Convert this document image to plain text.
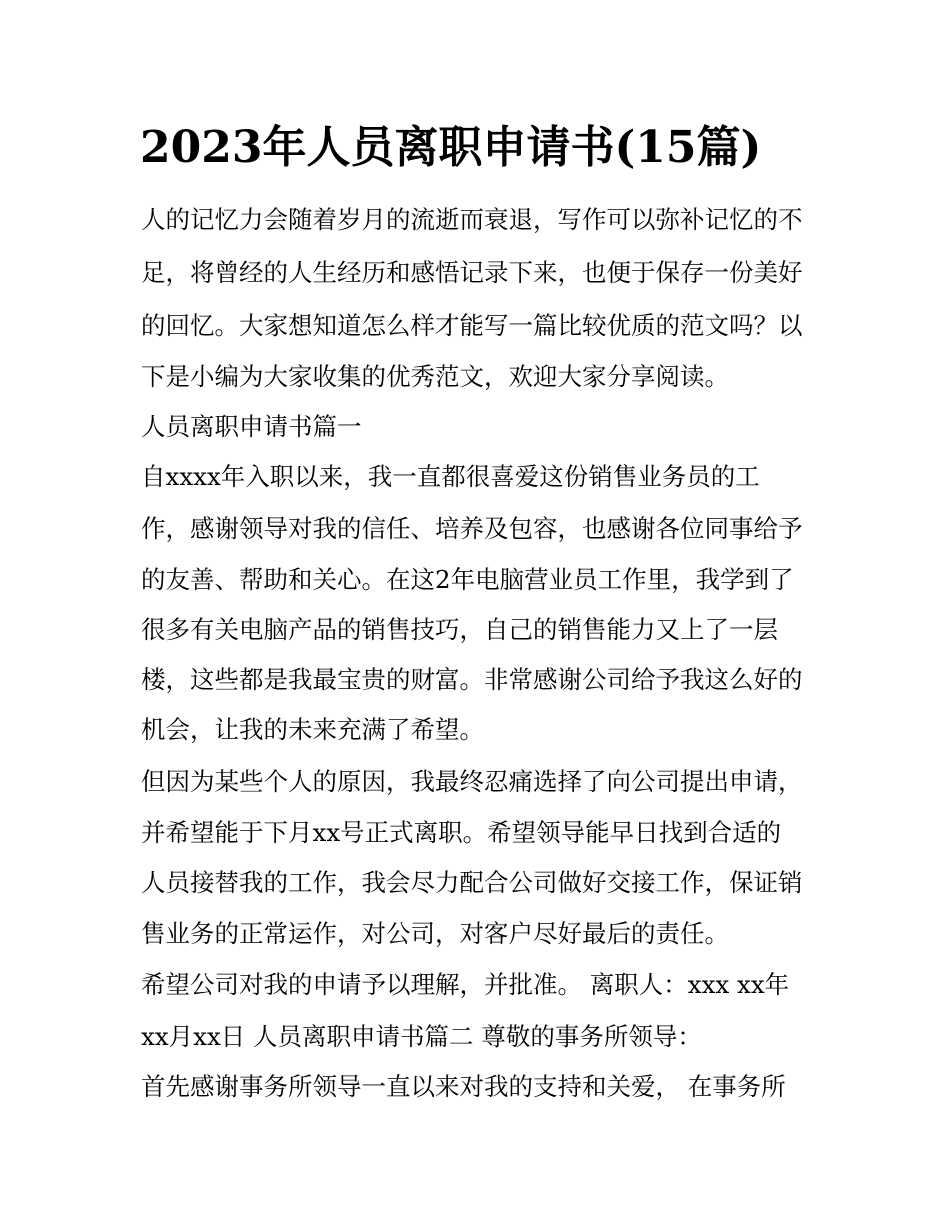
2023年人员离职申请书(15篇)

人的记忆力会随着岁月的流逝而衰退，写作可以弥补记忆的不

足，将曾经的人生经历和感悟记录下来，也便于保存一份美好

的回忆。大家想知道怎么样才能写一篇比较优质的范文吗？以

下是小编为大家收集的优秀范文，欢迎大家分享阅读。

人员离职申请书篇一

自xxxx年入职以来，我一直都很喜爱这份销售业务员的工

作，感谢领导对我的信任、培养及包容，也感谢各位同事给予

的友善、帮助和关心。在这2年电脑营业员工作里，我学到了

很多有关电脑产品的销售技巧，自己的销售能力又上了一层

楼，这些都是我最宝贵的财富。非常感谢公司给予我这么好的

机会，让我的未来充满了希望。

但因为某些个人的原因，我最终忍痛选择了向公司提出申请，

并希望能于下月xx号正式离职。希望领导能早日找到合适的

人员接替我的工作，我会尽力配合公司做好交接工作，保证销

售业务的正常运作，对公司，对客户尽好最后的责任。

希望公司对我的申请予以理解，并批准。 离职人：xxx xx年

xx月xx日 人员离职申请书篇二 尊敬的事务所领导：

首先感谢事务所领导一直以来对我的支持和关爱， 在事务所
